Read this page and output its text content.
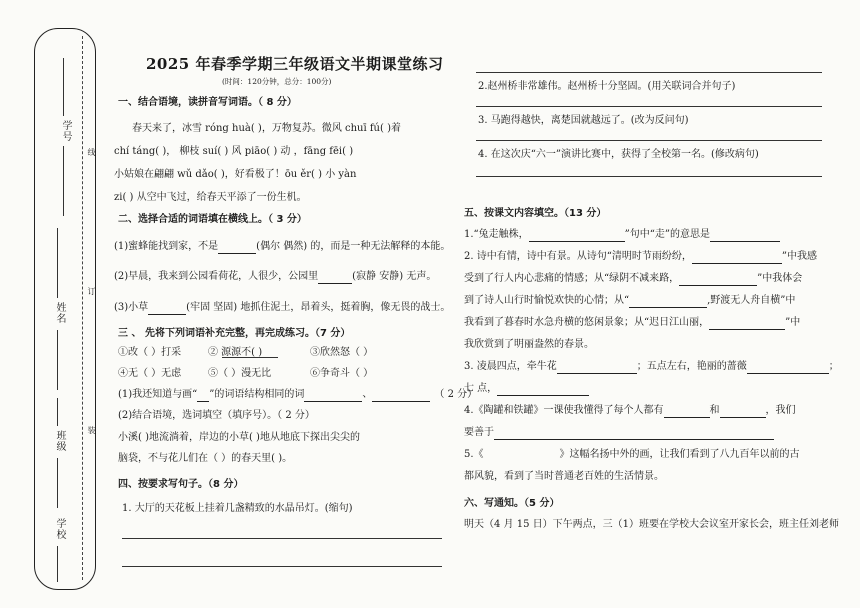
学号
姓名
班级
学校
线
订
装
2025 年春季学期三年级语文半期课堂练习
(时间：120分钟，总分：100分)
一、结合语境，读拼音写词语。（ 8 分）
春天来了，冰雪 róng huà( )，万物复苏。微风 chuī fú( )着
chí táng( )， 柳枝 suí( ) 风 piāo( ) 动 ，fāng fēi( )
小姑娘在翩翩 wǔ dǎo( )，好看极了！ōu ěr( ) 小 yàn
zi( ) 从空中飞过，给春天平添了一份生机。
二、选择合适的词语填在横线上。（ 3 分）
(1)蜜蜂能找到家，不是	(偶尔 偶然) 的，而是一种无法解释的本能。
(2)早晨，我来到公园看荷花，人很少，公园里	(寂静 安静) 无声。
(3)小草	(牢固 坚固) 地抓住泥土，昂着头，挺着胸，像无畏的战士。
三 、 先将下列词语补充完整，再完成练习。（7 分）
①改（ ）打采	② 源源不( )	③欣然怒（ ）
④无（ ）无虑	⑤（ ）漫无比	⑥争奇斗（ ）
(1)我还知道与画“ ”的词语结构相同的词	、	（ 2 分）
(2)结合语境，选词填空（填序号）。（ 2 分）
小溪( )地流淌着，岸边的小草( )地从地底下探出尖尖的
脑袋，不与花儿们在（ ）的春天里( )。
四、按要求写句子。（8 分）
1. 大厅的天花板上挂着几盏精致的水晶吊灯。(缩句)
2.赵州桥非常雄伟。赵州桥十分坚固。(用关联词合并句子)
3. 马跑得越快，离楚国就越远了。(改为反问句)
4. 在这次庆“六一”演讲比赛中，获得了全校第一名。(修改病句)
五、按课文内容填空。（13 分）
1.“兔走触株，	”句中“走”的意思是
2. 诗中有情，诗中有景。从诗句“清明时节雨纷纷，	”中我感
受到了行人内心悲痛的情感；从“绿阴不减来路，	”中我体会
到了诗人山行时愉悦欢快的心情；从“	,野渡无人舟自横”中
我看到了暮春时水急舟横的悠闲景象；从“迟日江山丽，	”中
我欣赏到了明丽盎然的春景。
3. 凌晨四点，牵牛花	；五点左右，艳丽的蔷薇	；
七 点，
4.《陶罐和铁罐》一课使我懂得了每个人都有	和	，我们
要善于
5.《	》这幅名扬中外的画，让我们看到了八九百年以前的古
都风貌，看到了当时普通老百姓的生活情景。
六、写通知。（5 分）
明天（4 月 15 日）下午两点，三（1）班要在学校大会议室开家长会，班主任刘老师
